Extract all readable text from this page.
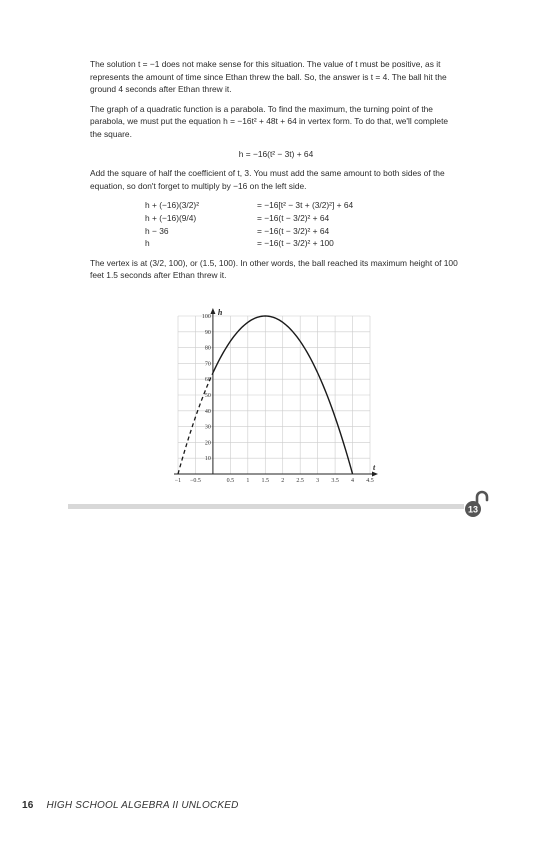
The solution t = −1 does not make sense for this situation. The value of t must be positive, as it represents the amount of time since Ethan threw the ball. So, the answer is t = 4. The ball hit the ground 4 seconds after Ethan threw it.

The graph of a quadratic function is a parabola. To find the maximum, the turning point of the parabola, we must put the equation h = −16t² + 48t + 64 in vertex form. To do that, we'll complete the square.

h = −16(t² − 3t) + 64

Add the square of half the coefficient of t, 3. You must add the same amount to both sides of the equation, so don't forget to multiply by −16 on the left side.

h + (−16)(3/2)²	= −16[t² − 3t + (3/2)²] + 64
h + (−16)(9/4)	= −16(t − 3/2)² + 64
h − 36	= −16(t − 3/2)² + 64
h	= −16(t − 3/2)² + 100

The vertex is at (3/2, 100), or (1.5, 100). In other words, the ball reached its maximum height of 100 feet 1.5 seconds after Ethan threw it.

−1 −0.5	0.5 1 1.5 2 2.5 3 3.5 4 4.5
10
20
30
40
50
60
70
80
90
100 h
t
13
16 HIGH SCHOOL ALGEBRA II UNLOCKED
